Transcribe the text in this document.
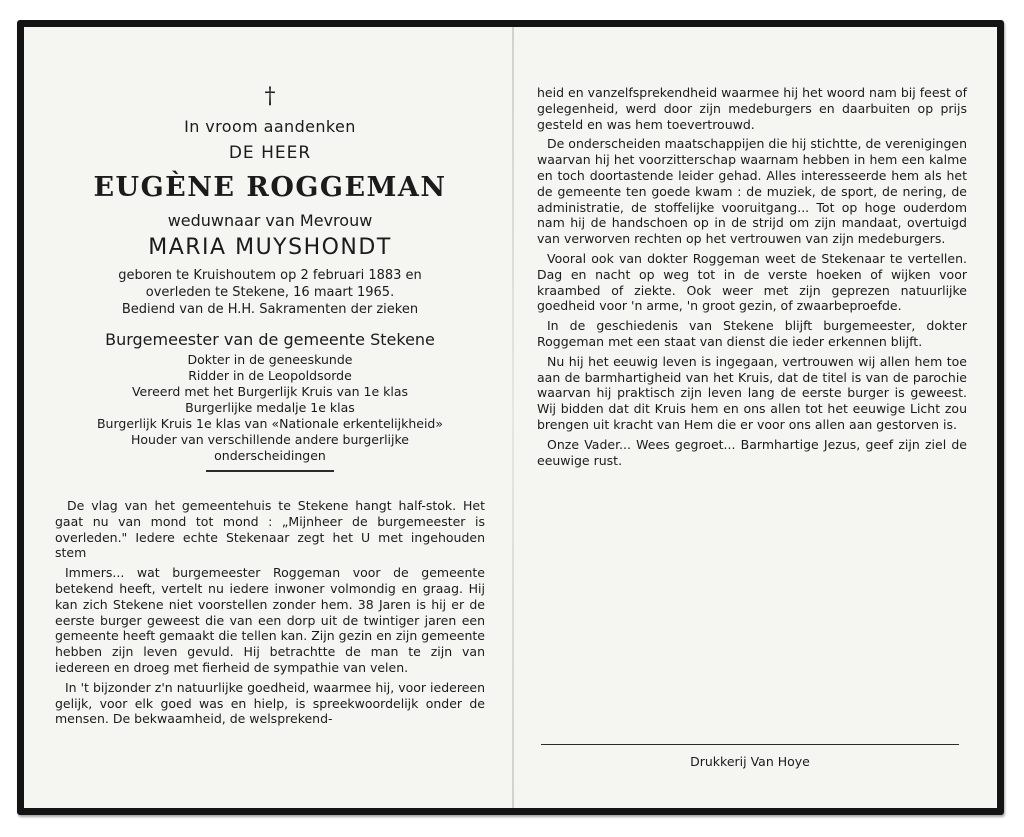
†
In vroom aandenken
DE HEER
EUGÈNE ROGGEMAN
weduwnaar van Mevrouw
MARIA MUYSHONDT
geboren te Kruishoutem op 2 februari 1883 en
overleden te Stekene, 16 maart 1965.
Bediend van de H.H. Sakramenten der zieken
Burgemeester van de gemeente Stekene
Dokter in de geneeskunde
Ridder in de Leopoldsorde
Vereerd met het Burgerlijk Kruis van 1e klas
Burgerlijke medalje 1e klas
Burgerlijk Kruis 1e klas van «Nationale erkentelijkheid»
Houder van verschillende andere burgerlijke
onderscheidingen

De vlag van het gemeentehuis te Stekene hangt half-stok. Het gaat nu van mond tot mond : „Mijnheer de burgemeester is overleden." Iedere echte Stekenaar zegt het U met ingehouden stem

Immers... wat burgemeester Roggeman voor de gemeente betekend heeft, vertelt nu iedere inwoner volmondig en graag. Hij kan zich Stekene niet voorstellen zonder hem. 38 Jaren is hij er de eerste burger geweest die van een dorp uit de twintiger jaren een gemeente heeft gemaakt die tellen kan. Zijn gezin en zijn gemeente hebben zijn leven gevuld. Hij betrachtte de man te zijn van iedereen en droeg met fierheid de sympathie van velen.

In 't bijzonder z'n natuurlijke goedheid, waarmee hij, voor iedereen gelijk, voor elk goed was en hielp, is spreekwoordelijk onder de mensen. De bekwaamheid, de welsprekend-

heid en vanzelfsprekendheid waarmee hij het woord nam bij feest of gelegenheid, werd door zijn medeburgers en daarbuiten op prijs gesteld en was hem toevertrouwd.

De onderscheiden maatschappijen die hij stichtte, de verenigingen waarvan hij het voorzitterschap waarnam hebben in hem een kalme en toch doortastende leider gehad. Alles interesseerde hem als het de gemeente ten goede kwam : de muziek, de sport, de nering, de administratie, de stoffelijke vooruitgang... Tot op hoge ouderdom nam hij de handschoen op in de strijd om zijn mandaat, overtuigd van verworven rechten op het vertrouwen van zijn medeburgers.

Vooral ook van dokter Roggeman weet de Stekenaar te vertellen. Dag en nacht op weg tot in de verste hoeken of wijken voor kraambed of ziekte. Ook weer met zijn geprezen natuurlijke goedheid voor 'n arme, 'n groot gezin, of zwaarbeproefde.

In de geschiedenis van Stekene blijft burgemeester, dokter Roggeman met een staat van dienst die ieder erkennen blijft.

Nu hij het eeuwig leven is ingegaan, vertrouwen wij allen hem toe aan de barmhartigheid van het Kruis, dat de titel is van de parochie waarvan hij praktisch zijn leven lang de eerste burger is geweest. Wij bidden dat dit Kruis hem en ons allen tot het eeuwige Licht zou brengen uit kracht van Hem die er voor ons allen aan gestorven is.

Onze Vader... Wees gegroet... Barmhartige Jezus, geef zijn ziel de eeuwige rust.

Drukkerij Van Hoye
